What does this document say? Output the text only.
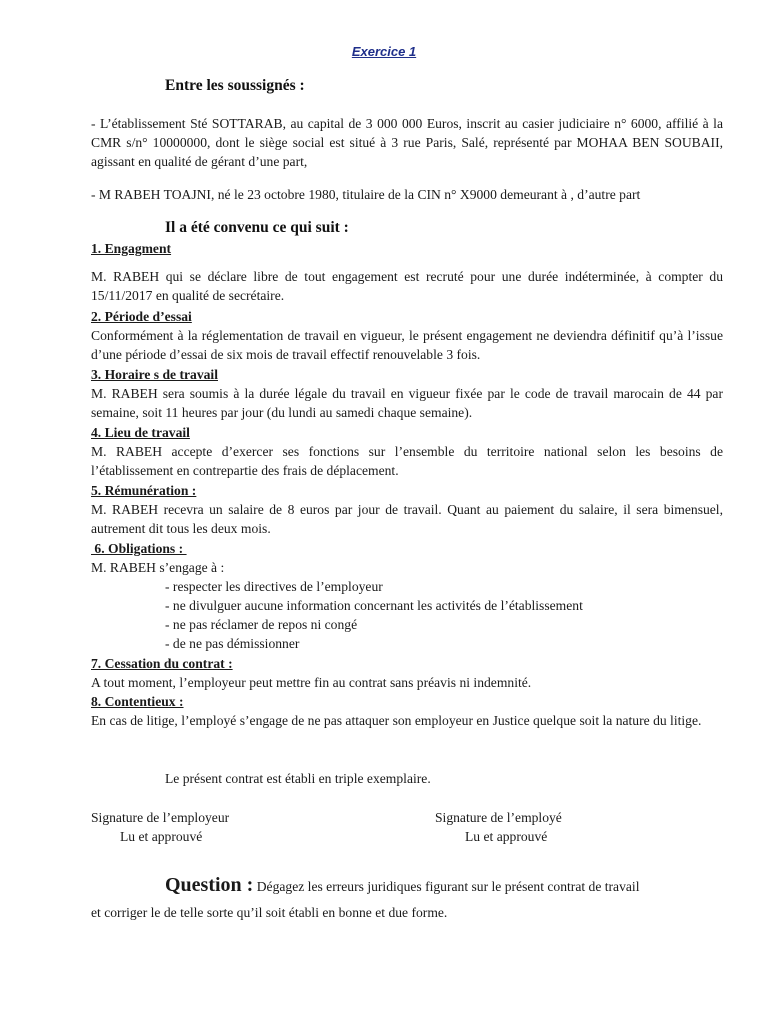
Exercice 1
Entre les soussignés :

- L’établissement Sté SOTTARAB, au capital de 3 000 000 Euros, inscrit au casier judiciaire n° 6000, affilié à la CMR s/n° 10000000, dont le siège social est situé à 3 rue Paris, Salé, représenté par MOHAA BEN SOUBAII, agissant en qualité de gérant d’une part,

- M RABEH TOAJNI, né le 23 octobre 1980, titulaire de la CIN n° X9000 demeurant à , d’autre part

Il a été convenu ce qui suit :
1. Engagment

M. RABEH qui se déclare libre de tout engagement est recruté pour une durée indéterminée, à compter du 15/11/2017 en qualité de secrétaire.

2. Période d’essai

Conformément à la réglementation de travail en vigueur, le présent engagement ne deviendra définitif qu’à l’issue d’une période d’essai de six mois de travail effectif renouvelable 3 fois.

3. Horaire s de travail

M. RABEH sera soumis à la durée légale du travail en vigueur fixée par le code de travail marocain de 44 par semaine, soit 11 heures par jour (du lundi au samedi chaque semaine).

4. Lieu de travail

M. RABEH accepte d’exercer ses fonctions sur l’ensemble du territoire national selon les besoins de l’établissement en contrepartie des frais de déplacement.

5. Rémunération :

M. RABEH recevra un salaire de 8 euros par jour de travail. Quant au paiement du salaire, il sera bimensuel, autrement dit tous les deux mois.

6. Obligations :

M. RABEH s’engage à :

- respecter les directives de l’employeur
- ne divulguer aucune information concernant les activités de l’établissement
- ne pas réclamer de repos ni congé
- de ne pas démissionner
7. Cessation du contrat :

A tout moment, l’employeur peut mettre fin au contrat sans préavis ni indemnité.

8. Contentieux :

En cas de litige, l’employé s’engage de ne pas attaquer son employeur en Justice quelque soit la nature du litige.

Le présent contrat est établi en triple exemplaire.
Signature de l’employeur
Lu et approuvé
Signature de l’employé
Lu et approuvé
Question : Dégagez les erreurs juridiques figurant sur le présent contrat de travail
et corriger le de telle sorte qu’il soit établi en bonne et due forme.
